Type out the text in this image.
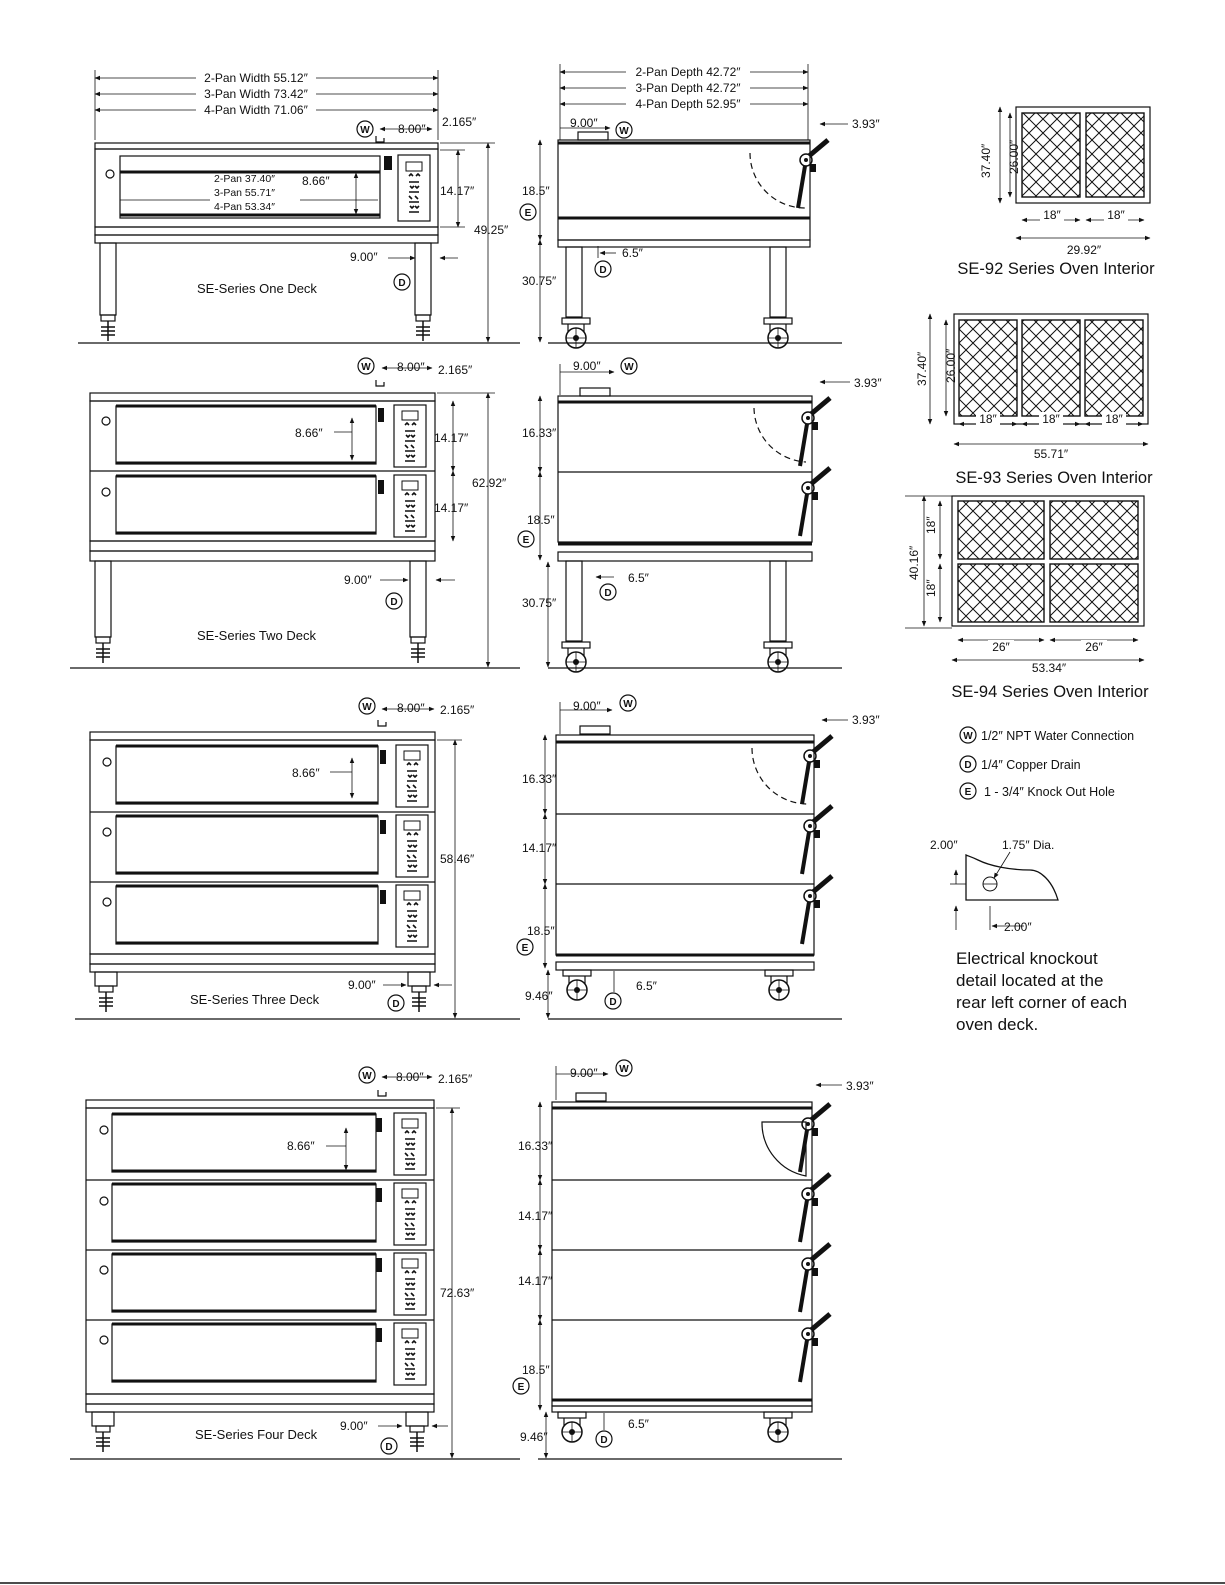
2-Pan Width 55.12″
3-Pan Width 73.42″
4-Pan Width 71.06″
W 8.00″ 2.165″
2-Pan 37.40″
3-Pan 55.71″
4-Pan 53.34″
8.66″
14.17″
9.00″
D
49.25″
SE-Series One Deck
2-Pan Depth 42.72″
3-Pan Depth 42.72″
4-Pan Depth 52.95″
9.00″
W
3.93″
18.5″
E
6.5″
D
30.75″
W 8.00″ 2.165″
8.66″	14.17″
14.17″
9.00″
D
62.92″
SE-Series Two Deck
9.00″ W
3.93″
16.33″
18.5″
E
6.5″
D
30.75″
W 8.00″ 2.165″
8.66″
9.00″
D
58.46″
SE-Series Three Deck
9.00″ W
3.93″
16.33″
14.17″
18.5″
E
6.5″
D
9.46″
W 8.00″ 2.165″
8.66″
9.00″
D
72.63″
SE-Series Four Deck
9.00″ W
3.93″
16.33″
14.17″
14.17″
18.5″
E
6.5″
D
9.46″
37.40″ 26.00″
18″	18″
29.92″
SE-92 Series Oven Interior
37.40″ 26.00″
18″	18″	18″
55.71″
SE-93 Series Oven Interior
40.16″
18″
18″
26″	26″
53.34″
SE-94 Series Oven Interior
W 1/2″ NPT Water Connection
D 1/4″ Copper Drain
E 1 - 3/4″ Knock Out Hole
2.00″	1.75″ Dia.
2.00″
Electrical knockout
detail located at the
rear left corner of each
oven deck.
